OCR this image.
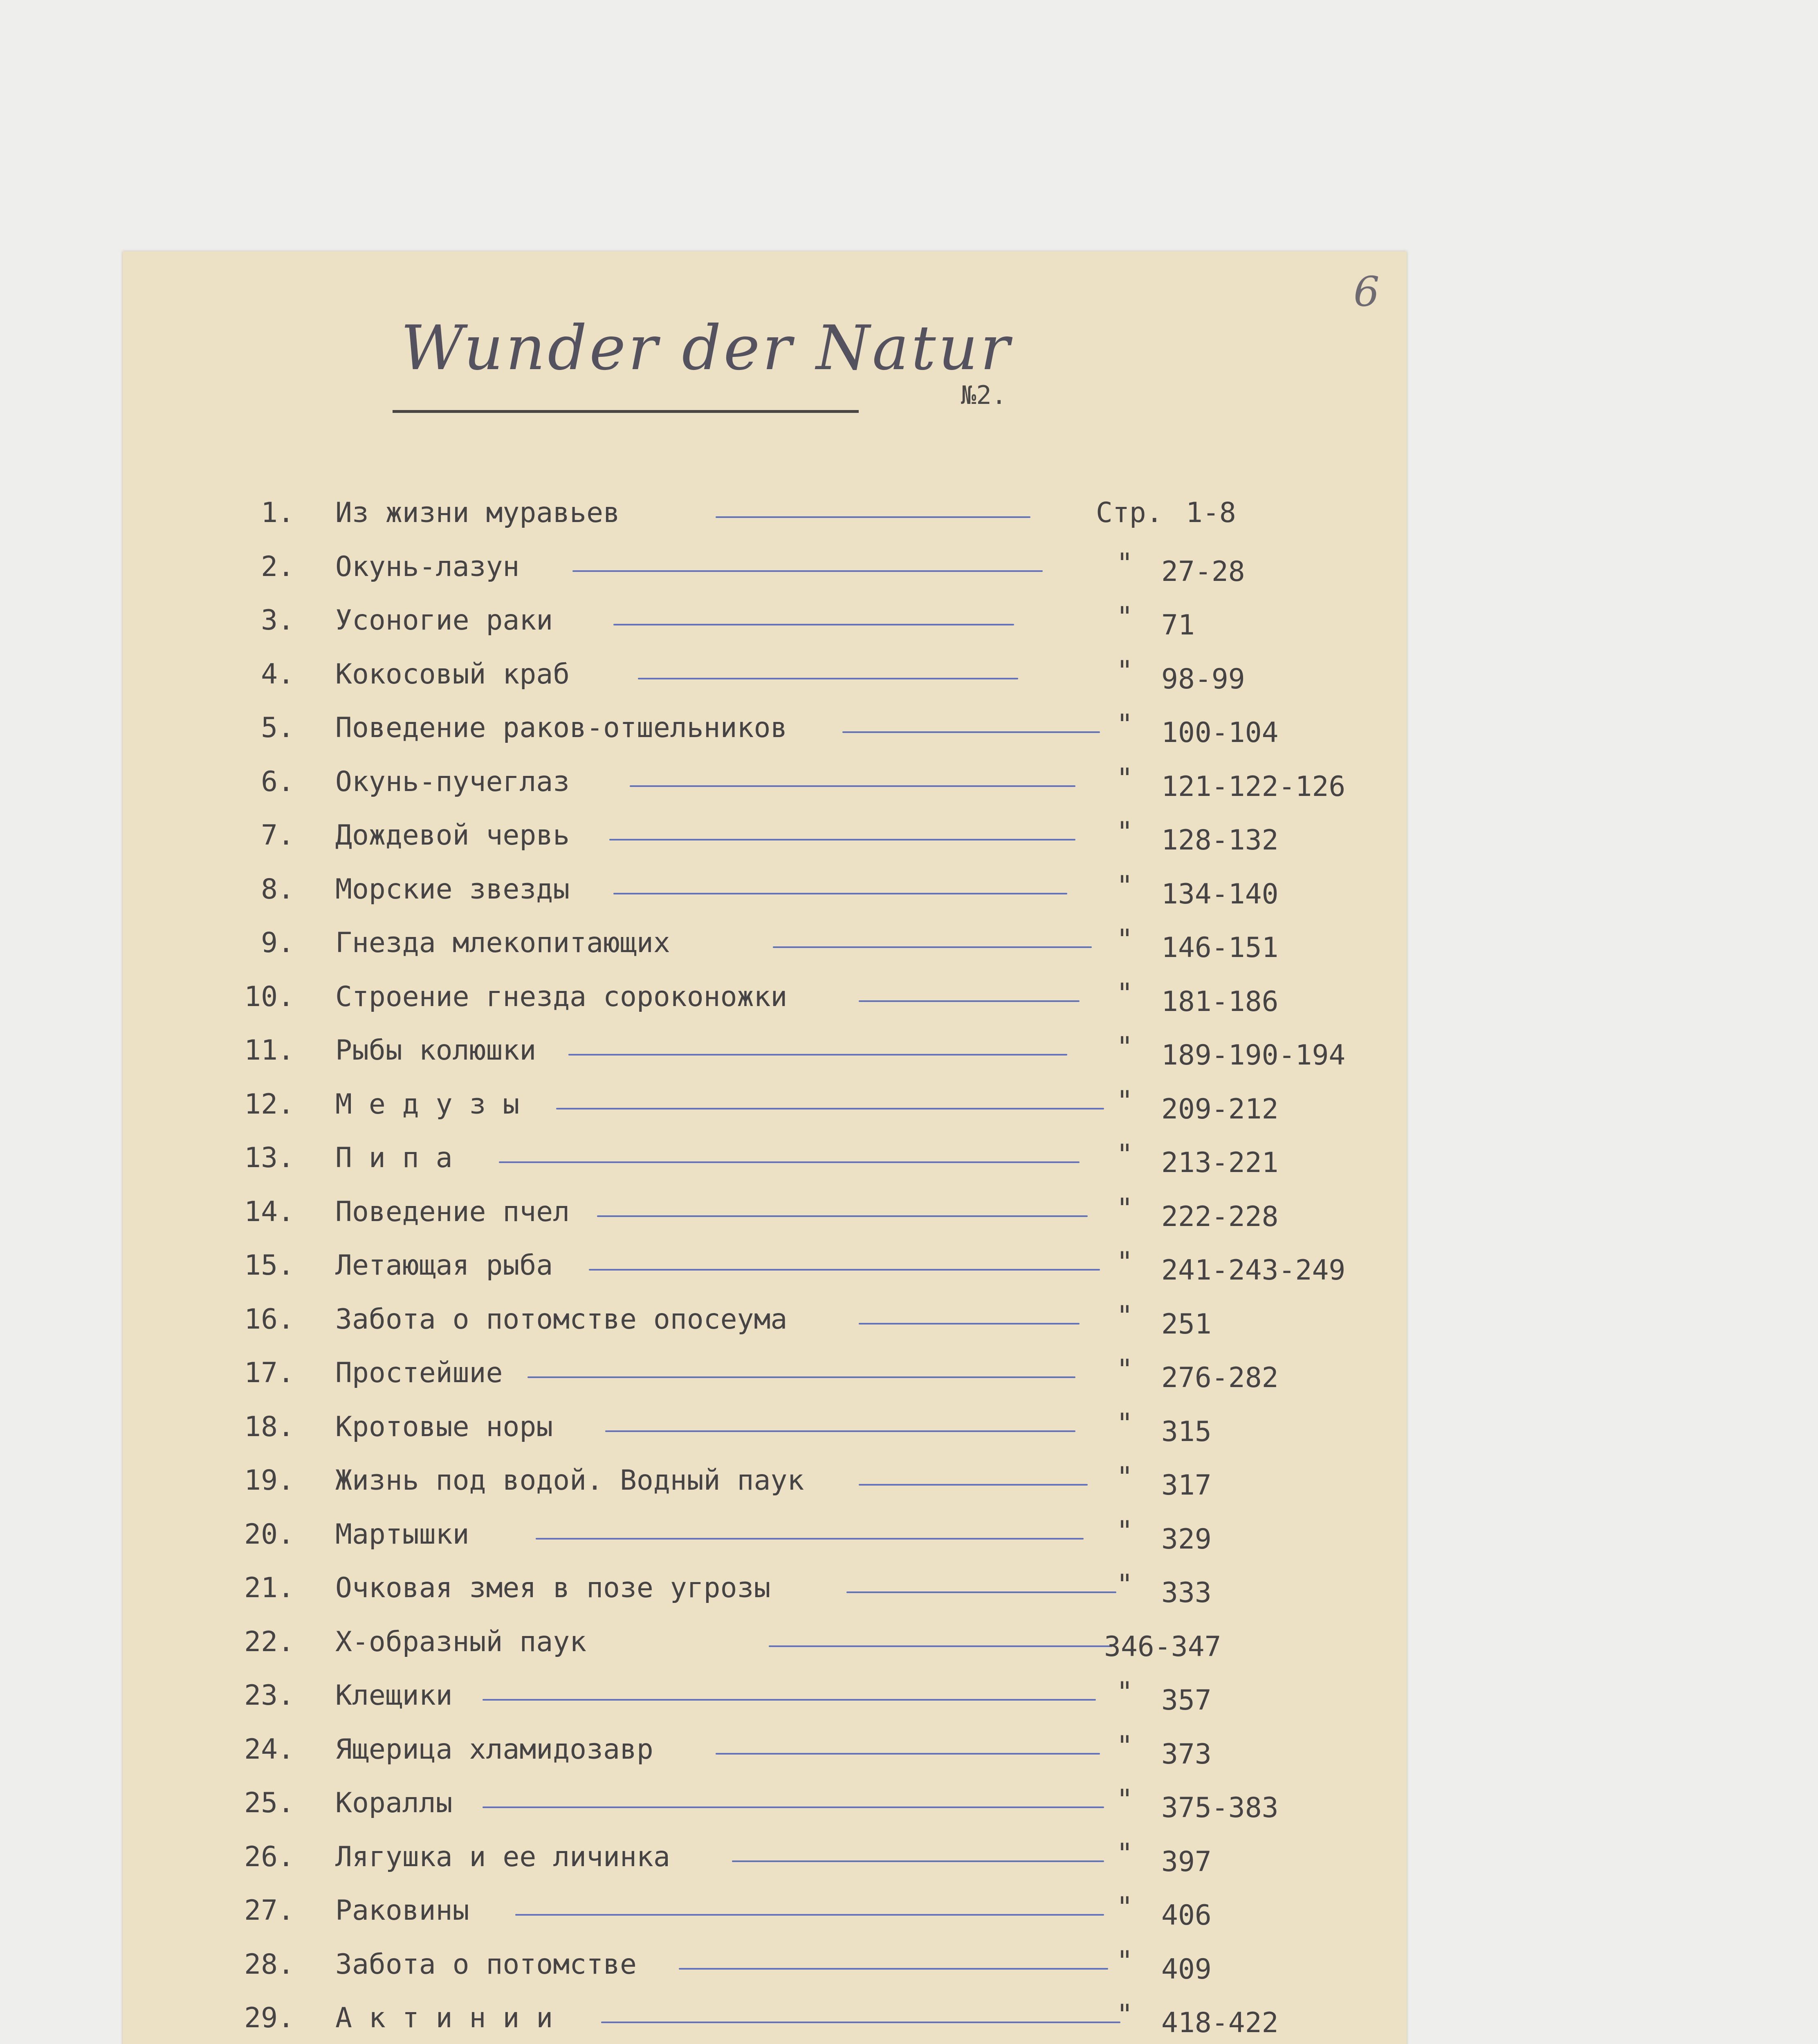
6
Wunder der Natur
№2.
1. Из жизни муравьев	Стр. 1-8
2. Окунь-лазун	" 27-28
3. Усоногие раки	" 71
4. Кокосовый краб	" 98-99
5. Поведение раков-отшельников	" 100-104
6. Окунь-пучеглаз	" 121-122-126
7. Дождевой червь	" 128-132
8. Морские звезды	" 134-140
9. Гнезда млекопитающих	" 146-151
10. Строение гнезда сороконожки	" 181-186
11. Рыбы колюшки	" 189-190-194
12. М е д у з ы	" 209-212
13. П и п а	" 213-221
14. Поведение пчел	" 222-228
15. Летающая рыба	" 241-243-249
16. Забота о потомстве опосеума	" 251
17. Простейшие	" 276-282
18. Кротовые норы	" 315
19. Жизнь под водой. Водный паук	" 317
20. Мартышки	" 329
21. Очковая змея в позе угрозы	" 333
22. Х-образный паук	346-347
23. Клещики	" 357
24. Ящерица хламидозавр	" 373
25. Кораллы	" 375-383
26. Лягушка и ее личинка	" 397
27. Раковины	" 406
28. Забота о потомстве	" 409
29. А к т и н и и	" 418-422
